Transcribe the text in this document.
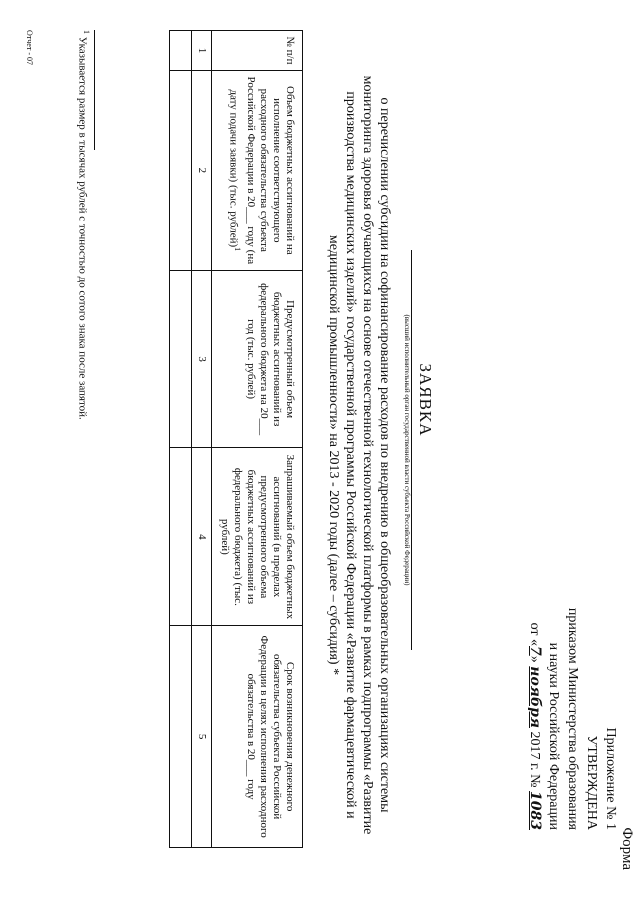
Приложение № 1
УТВЕРЖДЕНА
приказом Министерства образования
и науки Российской Федерации
от «7» ноября 2017 г. № 1083
Форма
ЗАЯВКА
(высший исполнительный орган государственной власти субъекта Российской Федерации)
о перечислении субсидии на софинансирование расходов по внедрению в общеобразовательных организациях системы мониторинга здоровья обучающихся на основе отечественной технологической платформы в рамках подпрограммы «Развитие производства медицинских изделий» государственной программы Российской Федерации «Развитие фармацевтической и медицинской промышленности» на 2013 - 2020 годы (далее – субсидия) *
№ п/п	Объем бюджетных ассигнований на исполнение соответствующего расходного обязательства субъекта Российской Федерации в 20___ году (на дату подачи заявки) (тыс. рублей)$^1$	Предусмотренный объем бюджетных ассигнований из федерального бюджета на 20___ год (тыс. рублей)	Запрашиваемый объем бюджетных ассигнований (в пределах предусмотренного объема бюджетных ассигнований из федерального бюджета) (тыс. рублей)	Срок возникновения денежного обязательства субъекта Российской Федерации в целях исполнения расходного обязательства в 20___ году
1	2	3	4	5

$^1$ Указывается размер в тысячах рублей с точностью до сотого знака после запятой.
Отчет - 07
